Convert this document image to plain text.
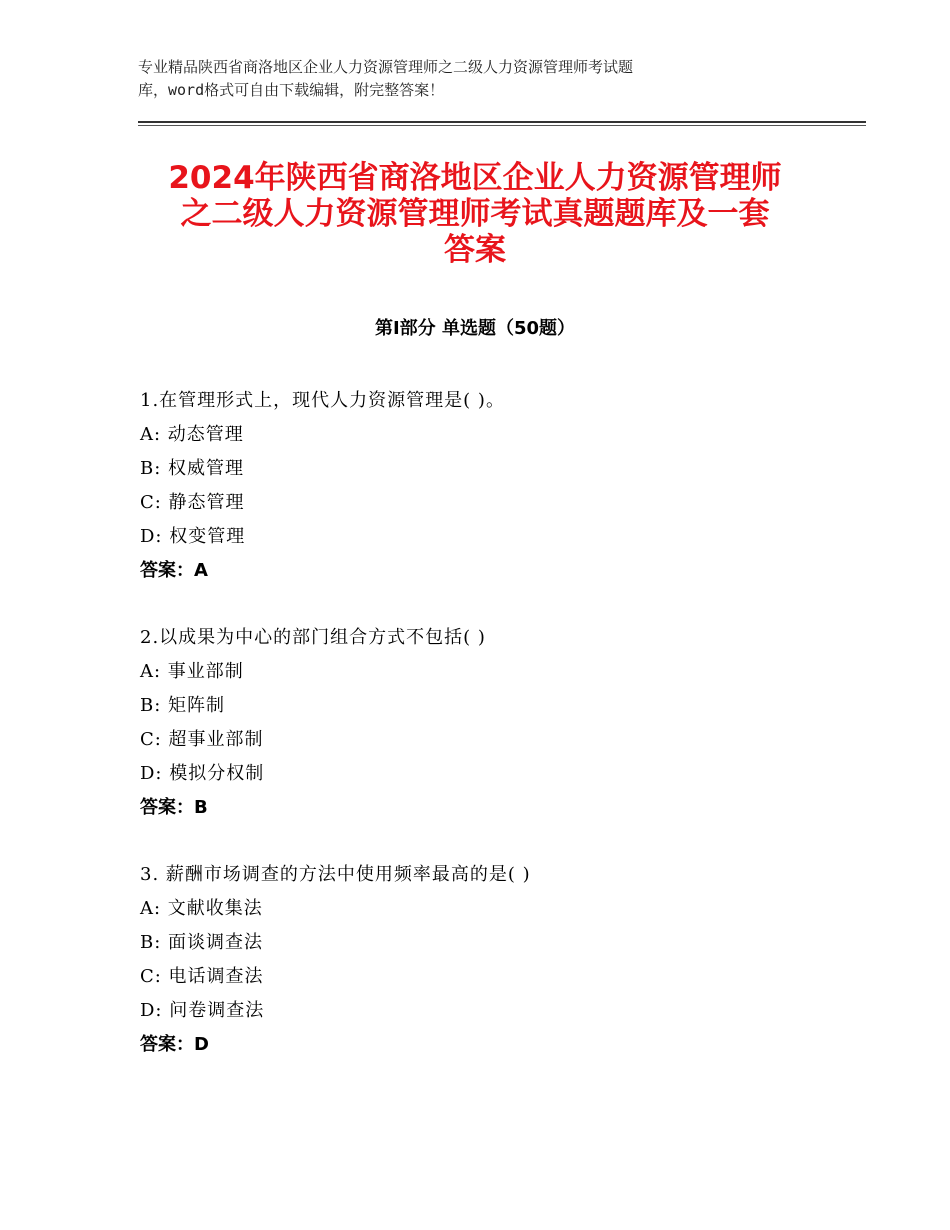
专业精品陕西省商洛地区企业人力资源管理师之二级人力资源管理师考试题
库，word格式可自由下载编辑，附完整答案！
2024年陕西省商洛地区企业人力资源管理师
之二级人力资源管理师考试真题题库及一套
答案
第Ⅰ部分 单选题（50题）
1.在管理形式上，现代人力资源管理是( )。
A: 动态管理
B: 权威管理
C: 静态管理
D: 权变管理
答案：A
2.以成果为中心的部门组合方式不包括( )
A: 事业部制
B: 矩阵制
C: 超事业部制
D: 模拟分权制
答案：B
3. 薪酬市场调查的方法中使用频率最高的是( )
A: 文献收集法
B: 面谈调查法
C: 电话调查法
D: 问卷调查法
答案：D
